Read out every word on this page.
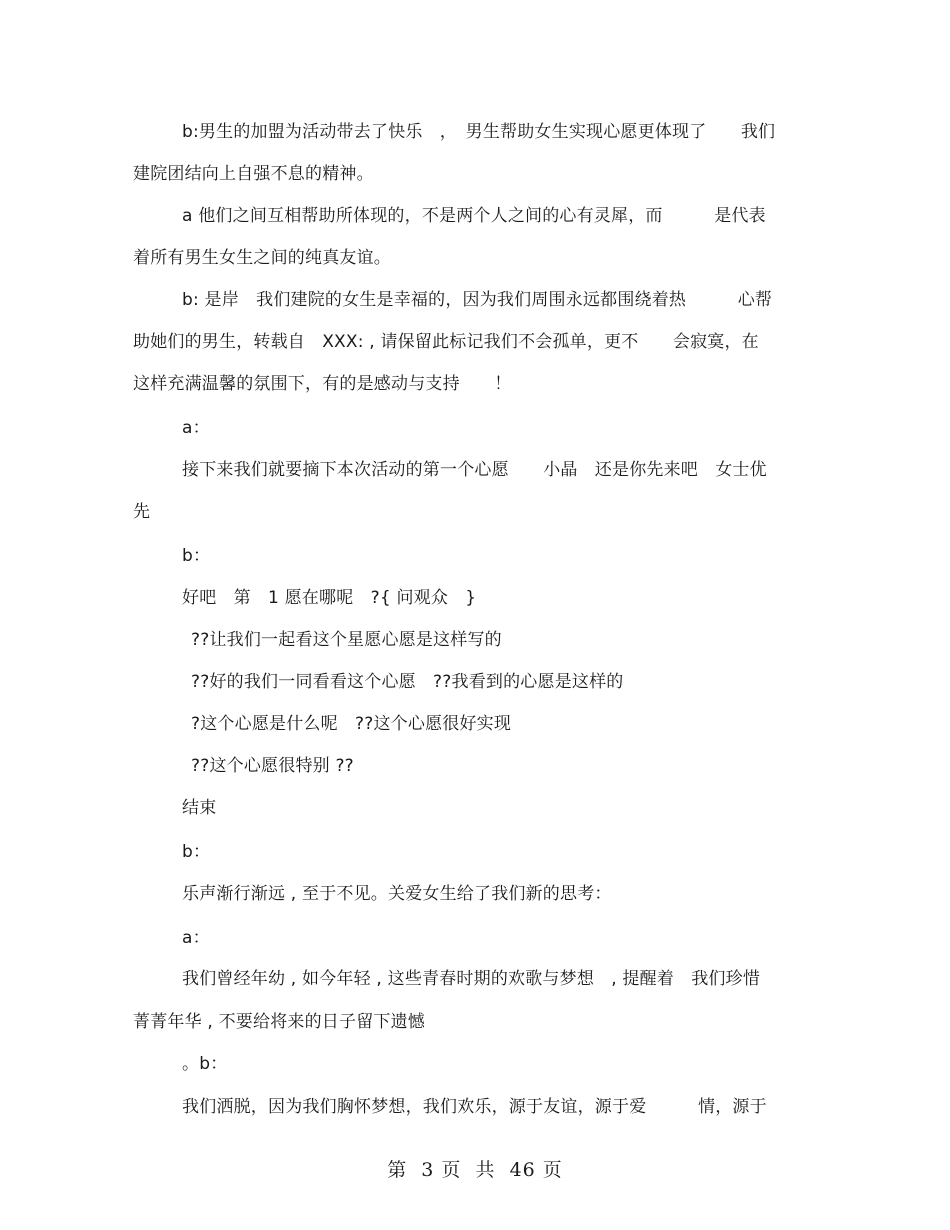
b:男生的加盟为活动带去了快乐　，　男生帮助女生实现心愿更体现了　　我们
建院团结向上自强不息的精神。
a 他们之间互相帮助所体现的，不是两个人之间的心有灵犀，而　　　是代表
着所有男生女生之间的纯真友谊。
b: 是岸　我们建院的女生是幸福的，因为我们周围永远都围绕着热　　　心帮
助她们的男生，转载自　XXX: , 请保留此标记我们不会孤单，更不　　会寂寞，在
这样充满温馨的氛围下，有的是感动与支持　　！
a：
接下来我们就要摘下本次活动的第一个心愿　　小晶　还是你先来吧　女士优
先
b：
好吧　第　1 愿在哪呢　?{ 问观众　}
??让我们一起看这个星愿心愿是这样写的
??好的我们一同看看这个心愿　??我看到的心愿是这样的
?这个心愿是什么呢　??这个心愿很好实现
??这个心愿很特别 ??
结束
b：
乐声渐行渐远 , 至于不见。关爱女生给了我们新的思考：
a：
我们曾经年幼 , 如今年轻 , 这些青春时期的欢歌与梦想　, 提醒着　我们珍惜
菁菁年华 , 不要给将来的日子留下遗憾
。b：
我们洒脱，因为我们胸怀梦想，我们欢乐，源于友谊，源于爱　　　情，源于
第  3 页  共  46 页
